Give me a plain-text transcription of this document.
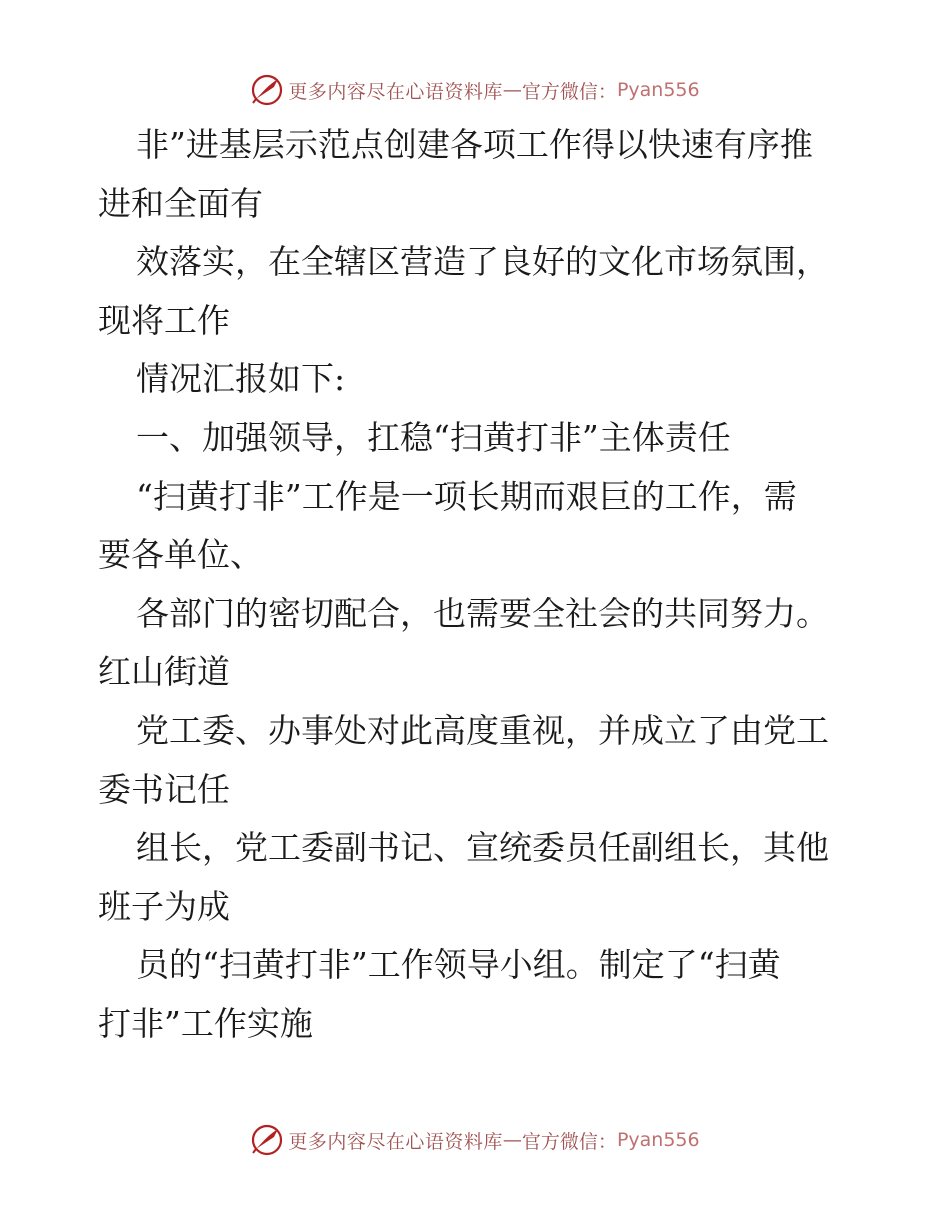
更多内容尽在心语资料库 — 官方微信： Pyan556
非”进基层示范点创建各项工作得以快速有序推
进和全面有
效落实，在全辖区营造了良好的文化市场氛围，
现将工作
情况汇报如下:
一、加强领导，扛稳“扫黄打非”主体责任
“扫黄打非”工作是一项长期而艰巨的工作，需
要各单位、
各部门的密切配合，也需要全社会的共同努力。
红山街道
党工委、办事处对此高度重视，并成立了由党工
委书记任
组长，党工委副书记、宣统委员任副组长，其他
班子为成
员的“扫黄打非”工作领导小组。制定了“扫黄
打非”工作实施
更多内容尽在心语资料库 — 官方微信： Pyan556
